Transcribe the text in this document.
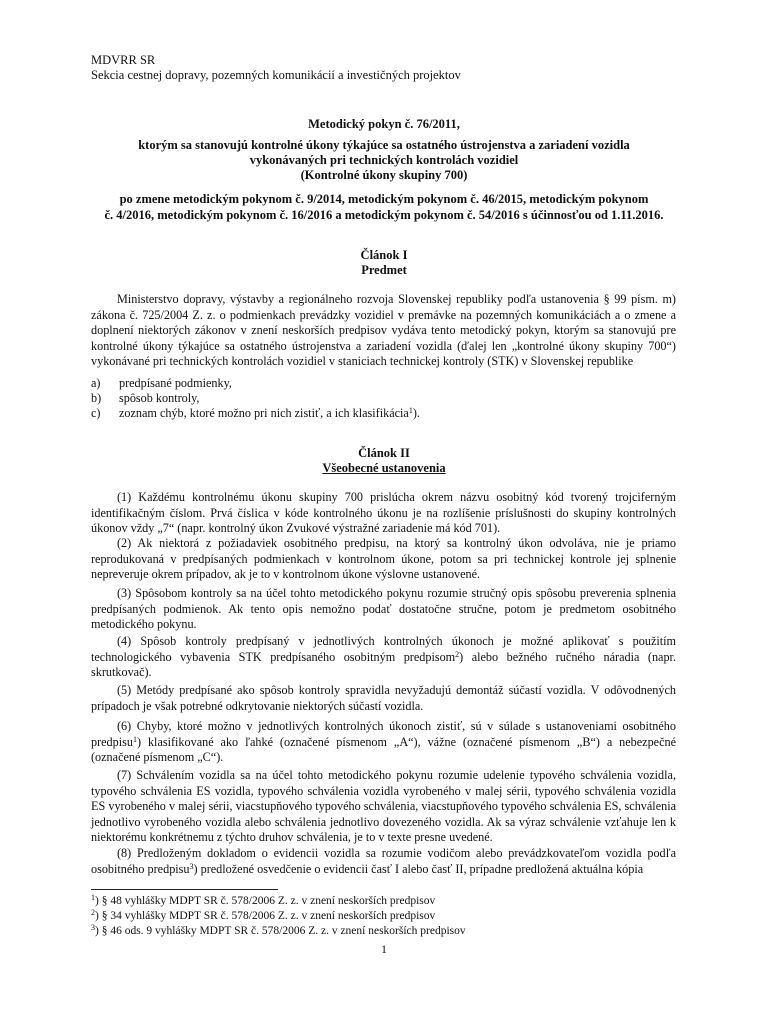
MDVRR SR
Sekcia cestnej dopravy, pozemných komunikácií a investičných projektov
Metodický pokyn č. 76/2011,
ktorým sa stanovujú kontrolné úkony týkajúce sa ostatného ústrojenstva a zariadení vozidla
vykonávaných pri technických kontrolách vozidiel
(Kontrolné úkony skupiny 700)
po zmene metodickým pokynom č. 9/2014, metodickým pokynom č. 46/2015, metodickým pokynom
č. 4/2016, metodickým pokynom č. 16/2016 a metodickým pokynom č. 54/2016 s účinnosťou od 1.11.2016.
Článok I
Predmet
Ministerstvo dopravy, výstavby a regionálneho rozvoja Slovenskej republiky podľa ustanovenia § 99 písm. m) zákona č. 725/2004 Z. z. o podmienkach prevádzky vozidiel v premávke na pozemných komunikáciách a o zmene a doplnení niektorých zákonov v znení neskorších predpisov vydáva tento metodický pokyn, ktorým sa stanovujú pre kontrolné úkony týkajúce sa ostatného ústrojenstva a zariadení vozidla (ďalej len „kontrolné úkony skupiny 700“) vykonávané pri technických kontrolách vozidiel v staniciach technickej kontroly (STK) v Slovenskej republike
a) predpísané podmienky,
b) spôsob kontroly,
c) zoznam chýb, ktoré možno pri nich zistiť, a ich klasifikácia$^1$).
Článok II
Všeobecné ustanovenia
(1) Každému kontrolnému úkonu skupiny 700 prislúcha okrem názvu osobitný kód tvorený trojciferným identifikačným číslom. Prvá číslica v kóde kontrolného úkonu je na rozlíšenie príslušnosti do skupiny kontrolných úkonov vždy „7“ (napr. kontrolný úkon Zvukové výstražné zariadenie má kód 701).
(2) Ak niektorá z požiadaviek osobitného predpisu, na ktorý sa kontrolný úkon odvoláva, nie je priamo reprodukovaná v predpísaných podmienkach v kontrolnom úkone, potom sa pri technickej kontrole jej splnenie nepreveruje okrem prípadov, ak je to v kontrolnom úkone výslovne ustanovené.
(3) Spôsobom kontroly sa na účel tohto metodického pokynu rozumie stručný opis spôsobu preverenia splnenia predpísaných podmienok. Ak tento opis nemožno podať dostatočne stručne, potom je predmetom osobitného metodického pokynu.
(4) Spôsob kontroly predpísaný v jednotlivých kontrolných úkonoch je možné aplikovať s použitím technologického vybavenia STK predpísaného osobitným predpisom$^2$) alebo bežného ručného náradia (napr. skrutkovač).
(5) Metódy predpísané ako spôsob kontroly spravidla nevyžadujú demontáž súčastí vozidla. V odôvodnených prípadoch je však potrebné odkrytovanie niektorých súčastí vozidla.
(6) Chyby, ktoré možno v jednotlivých kontrolných úkonoch zistiť, sú v súlade s ustanoveniami osobitného predpisu$^1$) klasifikované ako ľahké (označené písmenom „A“), vážne (označené písmenom „B“) a nebezpečné (označené písmenom „C“).
(7) Schválením vozidla sa na účel tohto metodického pokynu rozumie udelenie typového schválenia vozidla, typového schválenia ES vozidla, typového schválenia vozidla vyrobeného v malej sérii, typového schválenia vozidla ES vyrobeného v malej sérii, viacstupňového typového schválenia, viacstupňového typového schválenia ES, schválenia jednotlivo vyrobeného vozidla alebo schválenia jednotlivo dovezeného vozidla. Ak sa výraz schválenie vzťahuje len k niektorému konkrétnemu z týchto druhov schválenia, je to v texte presne uvedené.
(8) Predloženým dokladom o evidencii vozidla sa rozumie vodičom alebo prevádzkovateľom vozidla podľa osobitného predpisu$^3$) predložené osvedčenie o evidencii časť I alebo časť II, prípadne predložená aktuálna kópia
$^1$) § 48 vyhlášky MDPT SR č. 578/2006 Z. z. v znení neskorších predpisov
$^2$) § 34 vyhlášky MDPT SR č. 578/2006 Z. z. v znení neskorších predpisov
$^3$) § 46 ods. 9 vyhlášky MDPT SR č. 578/2006 Z. z. v znení neskorších predpisov
1
